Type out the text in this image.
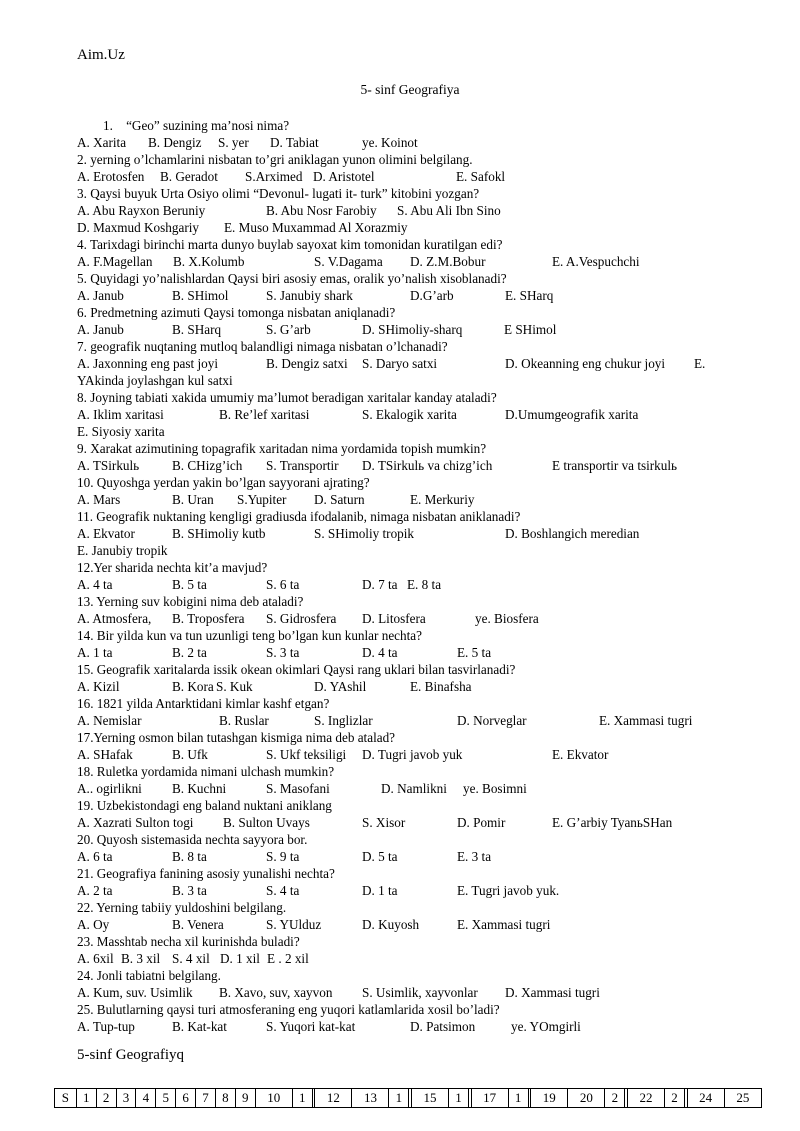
Aim.Uz
5- sinf Geografiya
1. “Geo” suzining ma’nosi nima?
A. Xarita B. Dengiz S. yer D. Tabiat	ye. Koinot
2. yerning o’lchamlarini nisbatan to’gri aniklagan yunon olimini belgilang.
A. Erotosfen B. Geradot S.Arximed D. Aristotel	E. Safokl
3. Qaysi buyuk Urta Osiyo olimi “Devonul- lugati it- turk” kitobini yozgan?
A. Abu Rayxon Beruniy	B. Abu Nosr Farobiy S. Abu Ali Ibn Sino
D. Maxmud Koshgariy E. Muso Muxammad Al Xorazmiy
4. Tarixdagi birinchi marta dunyo buylab sayoxat kim tomonidan kuratilgan edi?
A. F.Magellan B. X.Kolumb	S. V.Dagama D. Z.M.Bobur	E. A.Vespuchchi
5. Quyidagi yo’nalishlardan Qaysi biri asosiy emas, oralik yo’nalish xisoblanadi?
A. Janub	B. SHimol	S. Janubiy shark	D.G’arb	E. SHarq
6. Predmetning azimuti Qaysi tomonga nisbatan aniqlanadi?
A. Janub	B. SHarq	S. G’arb	D. SHimoliy-sharq	E SHimol
7. geografik nuqtaning mutloq balandligi nimaga nisbatan o’lchanadi?
A. Jaxonning eng past joyi	B. Dengiz satxi S. Daryo satxi	D. Okeanning eng chukur joyi E.
YAkinda joylashgan kul satxi
8. Joyning tabiati xakida umumiy ma’lumot beradigan xaritalar kanday ataladi?
A. Iklim xaritasi	B. Re’lef xaritasi	S. Ekalogik xarita	D.Umumgeografik xarita
E. Siyosiy xarita
9. Xarakat azimutining topagrafik xaritadan nima yordamida topish mumkin?
A. TSirkulь B. CHizg’ich S. Transportir D. TSirkulь va chizg’ich	E transportir va tsirkulь
10. Quyoshga yerdan yakin bo’lgan sayyorani ajrating?
A. Mars	B. Uran S.Yupiter D. Saturn	E. Merkuriy
11. Geografik nuktaning kengligi gradiusda ifodalanib, nimaga nisbatan aniklanadi?
A. Ekvator	B. SHimoliy kutb	S. SHimoliy tropik	D. Boshlangich meredian
E. Janubiy tropik
12.Yer sharida nechta kit’a mavjud?
A. 4 ta	B. 5 ta	S. 6 ta	D. 7 ta E. 8 ta
13. Yerning suv kobigini nima deb ataladi?
A. Atmosfera, B. Troposfera S. Gidrosfera D. Litosfera	ye. Biosfera
14. Bir yilda kun va tun uzunligi teng bo’lgan kun kunlar nechta?
A. 1 ta	B. 2 ta	S. 3 ta	D. 4 ta	E. 5 ta
15. Geografik xaritalarda issik okean okimlari Qaysi rang uklari bilan tasvirlanadi?
A. Kizil	B. Kora S. Kuk	D. YAshil	E. Binafsha
16. 1821 yilda Antarktidani kimlar kashf etgan?
A. Nemislar	B. Ruslar	S. Inglizlar	D. Norveglar	E. Xammasi tugri
17.Yerning osmon bilan tutashgan kismiga nima deb atalad?
A. SHafak	B. Ufk	S. Ukf teksiligi D. Tugri javob yuk	E. Ekvator
18. Ruletka yordamida nimani ulchash mumkin?
A.. ogirlikni B. Kuchni	S. Masofani	D. Namlikni ye. Bosimni
19. Uzbekistondagi eng baland nuktani aniklang
A. Xazrati Sulton togi B. Sulton Uvays	S. Xisor	D. Pomir	E. G’arbiy TyanьSHan
20. Quyosh sistemasida nechta sayyora bor.
A. 6 ta	B. 8 ta	S. 9 ta	D. 5 ta	E. 3 ta
21. Geografiya fanining asosiy yunalishi nechta?
A. 2 ta	B. 3 ta	S. 4 ta	D. 1 ta	E. Tugri javob yuk.
22. Yerning tabiiy yuldoshini belgilang.
A. Oy	B. Venera	S. YUlduz	D. Kuyosh	E. Xammasi tugri
23. Masshtab necha xil kurinishda buladi?
A. 6xil B. 3 xil S. 4 xil D. 1 xil E . 2 xil
24. Jonli tabiatni belgilang.
A. Kum, suv. Usimlik B. Xavo, suv, xayvon S. Usimlik, xayvonlar D. Xammasi tugri
25. Bulutlarning qaysi turi atmosferaning eng yuqori katlamlarida xosil bo’ladi?
A. Tup-tup	B. Kat-kat	S. Yuqori kat-kat	D. Patsimon	ye. YOmgirli
5-sinf Geografiyq
S	1	2	3	4	5	6	7	8	9	10	1		12	13	1		15	1		17	1		19	20	2		22	2		24	25
